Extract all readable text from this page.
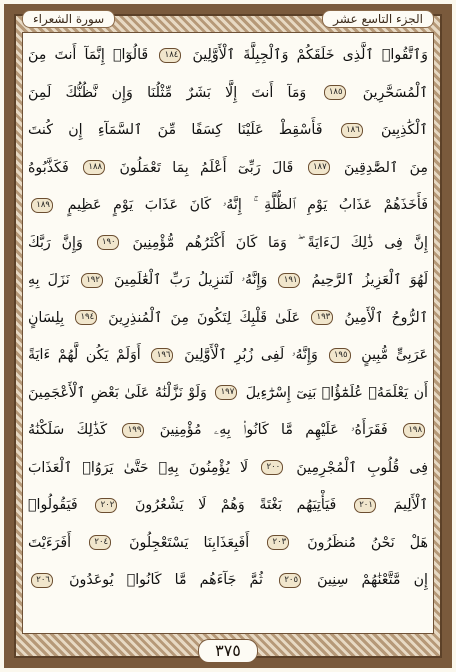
الجزء التاسع عشر
سورة الشعراء
وَٱتَّقُوا۟ ٱلَّذِى خَلَقَكُمْ وَٱلْجِبِلَّةَ ٱلْأَوَّلِينَ ١٨٤ قَالُوٓا۟ إِنَّمَآ أَنتَ مِنَ
ٱلْمُسَحَّرِينَ ١٨٥ وَمَآ أَنتَ إِلَّا بَشَرٌ مِّثْلُنَا وَإِن نَّظُنُّكَ لَمِنَ
ٱلْكَٰذِبِينَ ١٨٦ فَأَسْقِطْ عَلَيْنَا كِسَفًا مِّنَ ٱلسَّمَآءِ إِن كُنتَ
مِنَ ٱلصَّٰدِقِينَ ١٨٧ قَالَ رَبِّىٓ أَعْلَمُ بِمَا تَعْمَلُونَ ١٨٨ فَكَذَّبُوهُ
فَأَخَذَهُمْ عَذَابُ يَوْمِ ٱلظُّلَّةِ ۚ إِنَّهُۥ كَانَ عَذَابَ يَوْمٍ عَظِيمٍ ١٨٩
إِنَّ فِى ذَٰلِكَ لَءَايَةً ۖ وَمَا كَانَ أَكْثَرُهُم مُّؤْمِنِينَ ١٩٠ وَإِنَّ رَبَّكَ
لَهُوَ ٱلْعَزِيزُ ٱلرَّحِيمُ ١٩١ وَإِنَّهُۥ لَتَنزِيلُ رَبِّ ٱلْعَٰلَمِينَ ١٩٢ نَزَلَ بِهِ
ٱلرُّوحُ ٱلْأَمِينُ ١٩٣ عَلَىٰ قَلْبِكَ لِتَكُونَ مِنَ ٱلْمُنذِرِينَ ١٩٤ بِلِسَانٍ
عَرَبِىٍّ مُّبِينٍ ١٩٥ وَإِنَّهُۥ لَفِى زُبُرِ ٱلْأَوَّلِينَ ١٩٦ أَوَلَمْ يَكُن لَّهُمْ ءَايَةً
أَن يَعْلَمَهُۥ عُلَمَٰٓؤُا۟ بَنِىٓ إِسْرَٰٓءِيلَ ١٩٧ وَلَوْ نَزَّلْنَٰهُ عَلَىٰ بَعْضِ ٱلْأَعْجَمِينَ
١٩٨ فَقَرَأَهُۥ عَلَيْهِم مَّا كَانُوا۟ بِهِۦ مُؤْمِنِينَ ١٩٩ كَذَٰلِكَ سَلَكْنَٰهُ
فِى قُلُوبِ ٱلْمُجْرِمِينَ ٢٠٠ لَا يُؤْمِنُونَ بِهِۦ حَتَّىٰ يَرَوُا۟ ٱلْعَذَابَ
ٱلْأَلِيمَ ٢٠١ فَيَأْتِيَهُم بَغْتَةً وَهُمْ لَا يَشْعُرُونَ ٢٠٢ فَيَقُولُوا۟
هَلْ نَحْنُ مُنظَرُونَ ٢٠٣ أَفَبِعَذَابِنَا يَسْتَعْجِلُونَ ٢٠٤ أَفَرَءَيْتَ
إِن مَّتَّعْنَٰهُمْ سِنِينَ ٢٠٥ ثُمَّ جَآءَهُم مَّا كَانُوا۟ يُوعَدُونَ ٢٠٦
٣٧٥
